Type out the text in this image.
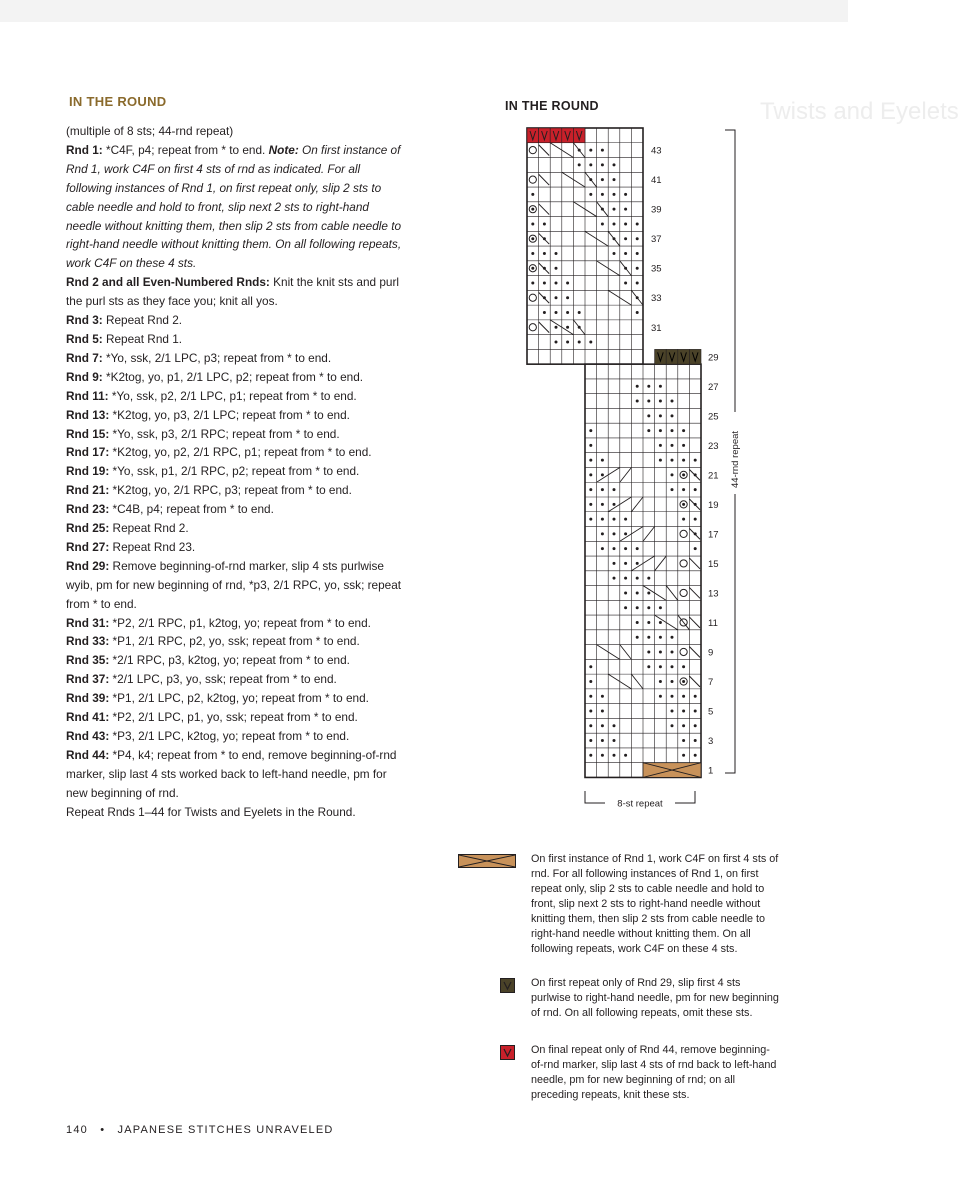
Twists and Eyelets
IN THE ROUND

(multiple of 8 sts; 44-rnd repeat)

Rnd 1: *C4F, p4; repeat from * to end. Note: On first instance of Rnd 1, work C4F on first 4 sts of rnd as indicated. For all following instances of Rnd 1, on first repeat only, slip 2 sts to cable needle and hold to front, slip next 2 sts to right-hand needle without knitting them, then slip 2 sts from cable needle to right-hand needle without knitting them. On all following repeats, work C4F on these 4 sts.

Rnd 2 and all Even-Numbered Rnds: Knit the knit sts and purl the purl sts as they face you; knit all yos.

Rnd 3: Repeat Rnd 2.

Rnd 5: Repeat Rnd 1.

Rnd 7: *Yo, ssk, 2/1 LPC, p3; repeat from * to end.

Rnd 9: *K2tog, yo, p1, 2/1 LPC, p2; repeat from * to end.

Rnd 11: *Yo, ssk, p2, 2/1 LPC, p1; repeat from * to end.

Rnd 13: *K2tog, yo, p3, 2/1 LPC; repeat from * to end.

Rnd 15: *Yo, ssk, p3, 2/1 RPC; repeat from * to end.

Rnd 17: *K2tog, yo, p2, 2/1 RPC, p1; repeat from * to end.

Rnd 19: *Yo, ssk, p1, 2/1 RPC, p2; repeat from * to end.

Rnd 21: *K2tog, yo, 2/1 RPC, p3; repeat from * to end.

Rnd 23: *C4B, p4; repeat from * to end.

Rnd 25: Repeat Rnd 2.

Rnd 27: Repeat Rnd 23.

Rnd 29: Remove beginning-of-rnd marker, slip 4 sts purlwise wyib, pm for new beginning of rnd, *p3, 2/1 RPC, yo, ssk; repeat from * to end.

Rnd 31: *P2, 2/1 RPC, p1, k2tog, yo; repeat from * to end.

Rnd 33: *P1, 2/1 RPC, p2, yo, ssk; repeat from * to end.

Rnd 35: *2/1 RPC, p3, k2tog, yo; repeat from * to end.

Rnd 37: *2/1 LPC, p3, yo, ssk; repeat from * to end.

Rnd 39: *P1, 2/1 LPC, p2, k2tog, yo; repeat from * to end.

Rnd 41: *P2, 2/1 LPC, p1, yo, ssk; repeat from * to end.

Rnd 43: *P3, 2/1 LPC, k2tog, yo; repeat from * to end.

Rnd 44: *P4, k4; repeat from * to end, remove beginning-of-rnd marker, slip last 4 sts worked back to left-hand needle, pm for new beginning of rnd.

Repeat Rnds 1–44 for Twists and Eyelets in the Round.

IN THE ROUND
43
41
39
37
35
33
31
29
27
25
23
21
19
17
15
13
11
9
7
5
3
1
44-rnd repeat
8-st repeat
On first instance of Rnd 1, work C4F on first 4 sts of rnd. For all following instances of Rnd 1, on first repeat only, slip 2 sts to cable needle and hold to front, slip next 2 sts to right-hand needle without knitting them, then slip 2 sts from cable needle to right-hand needle without knitting them. On all following repeats, work C4F on these 4 sts.
On first repeat only of Rnd 29, slip first 4 sts purlwise to right-hand needle, pm for new beginning of rnd. On all following repeats, omit these sts.
On final repeat only of Rnd 44, remove beginning-of-rnd marker, slip last 4 sts of rnd back to left-hand needle, pm for new beginning of rnd; on all preceding repeats, knit these sts.
140 • JAPANESE STITCHES UNRAVELED
